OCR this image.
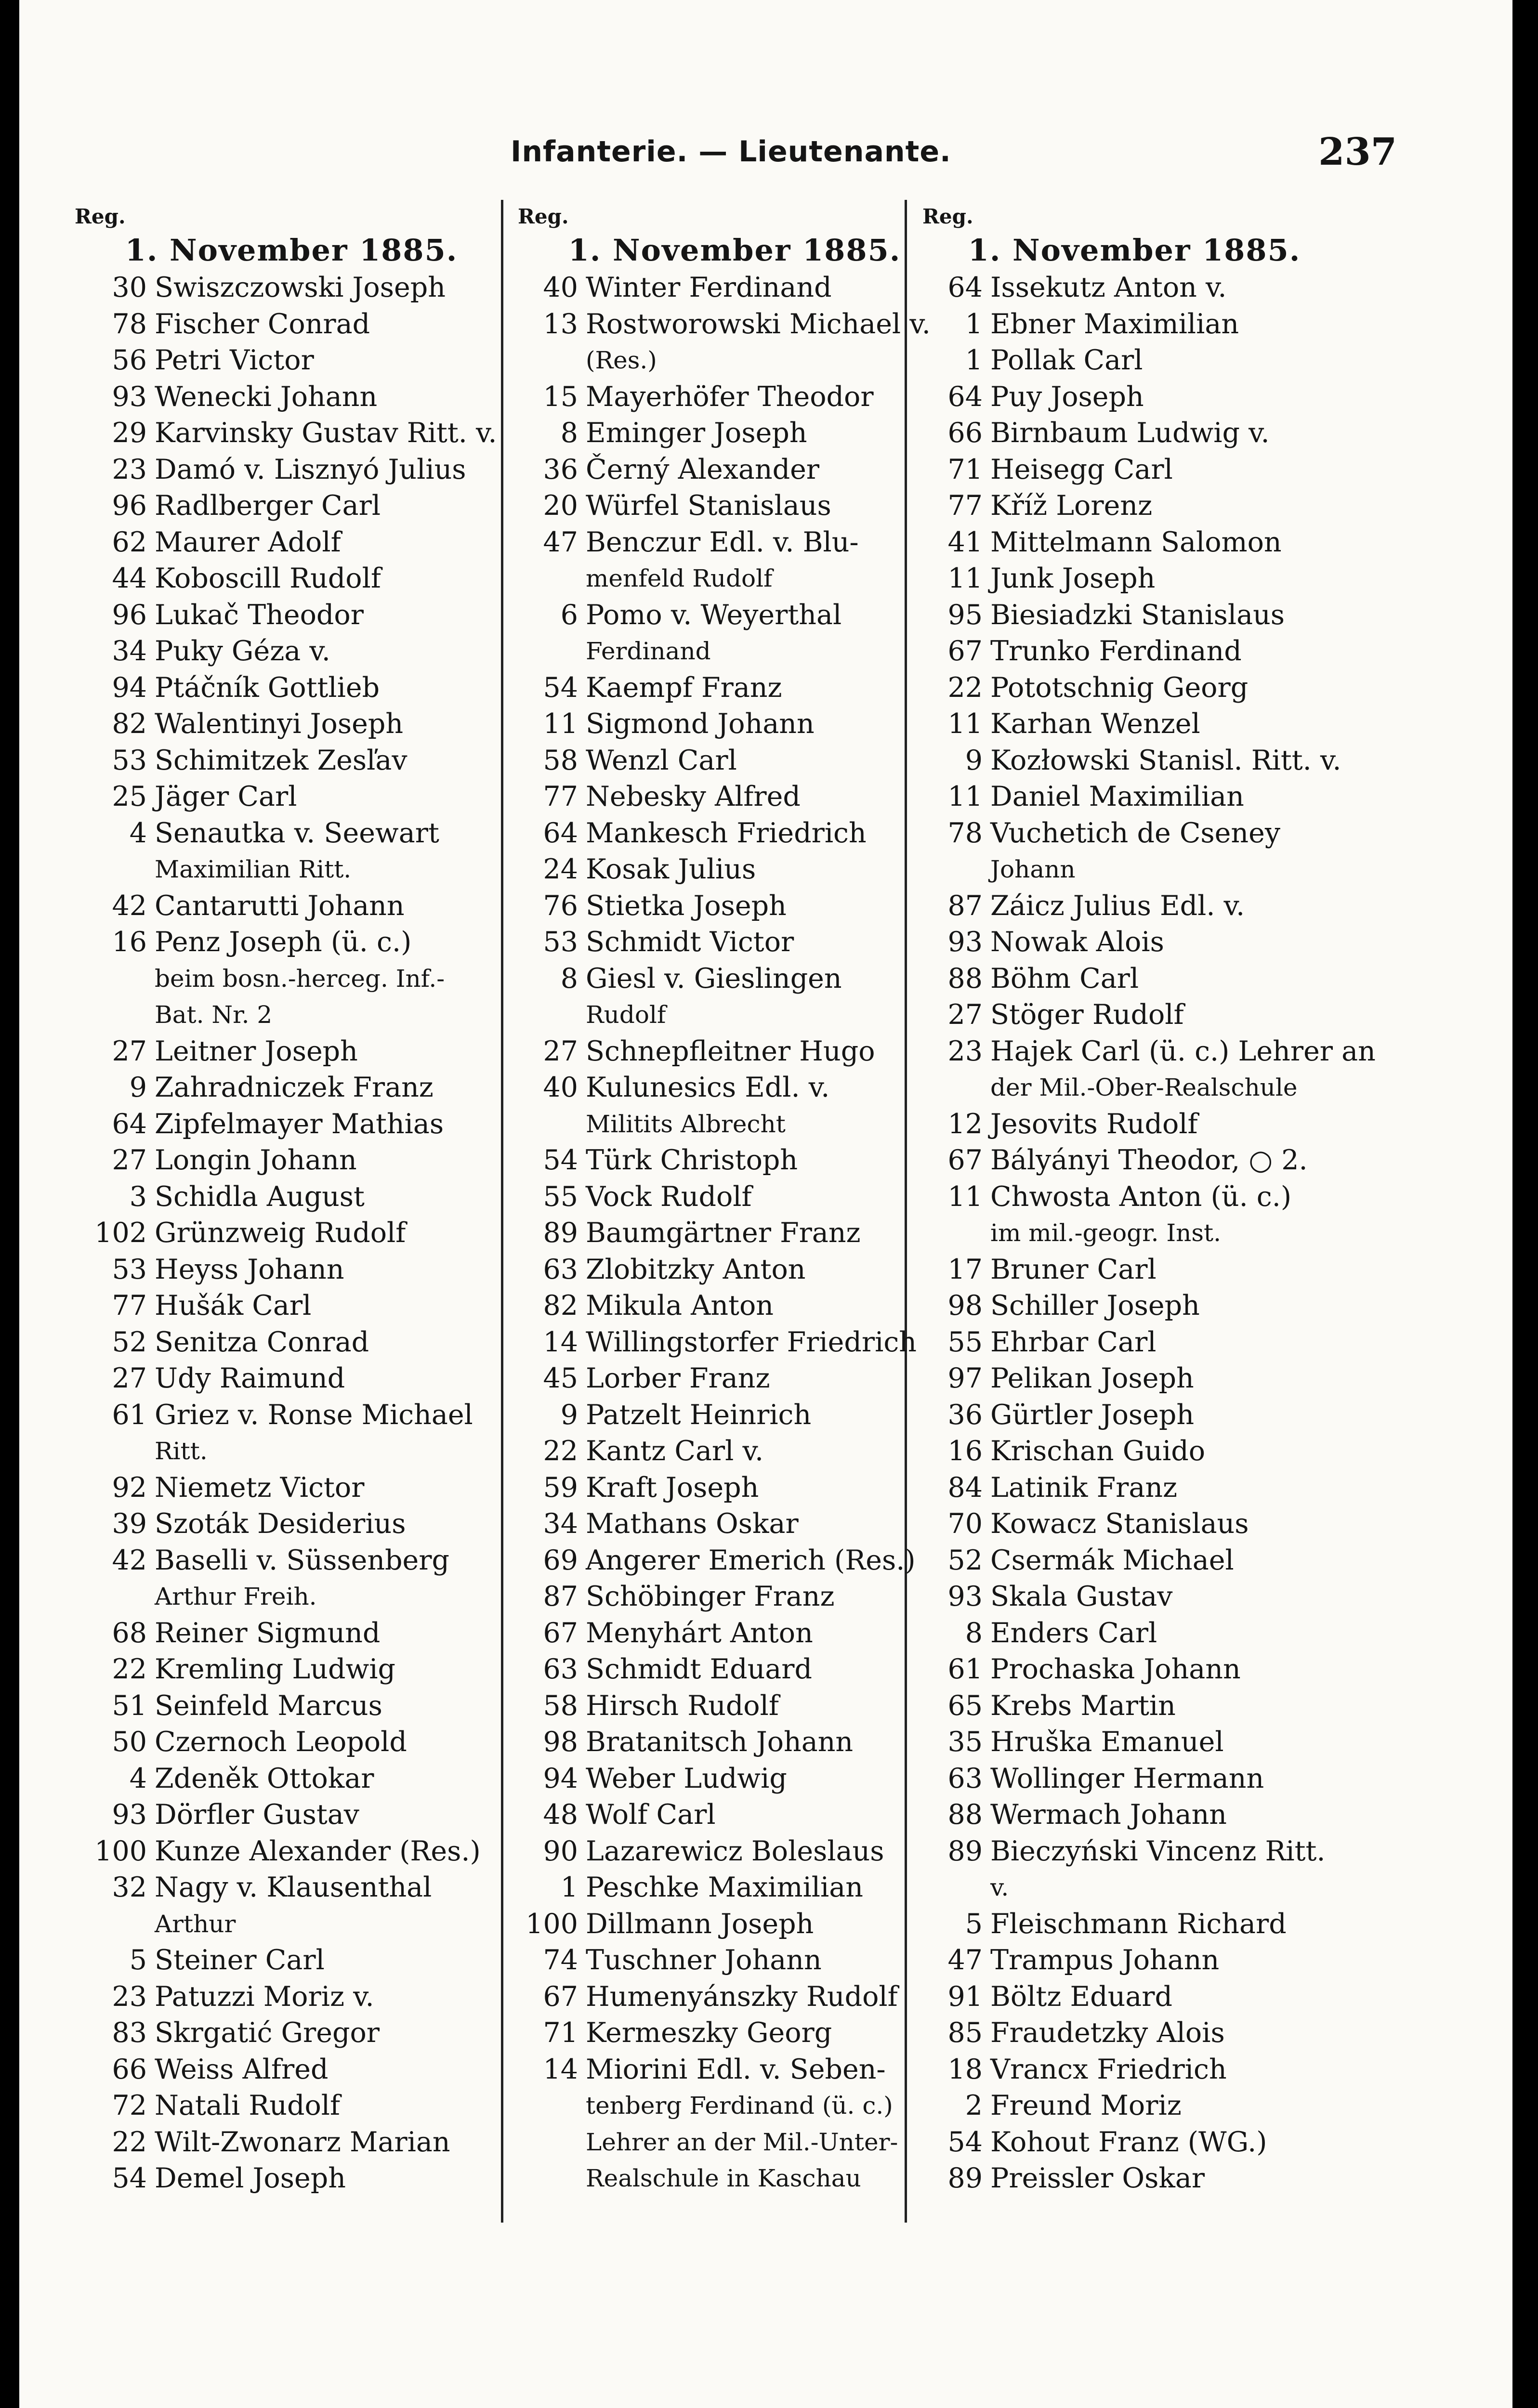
Infanterie. — Lieutenante.	237
Reg.
1. November 1885.
30 Swiszczowski Joseph
78 Fischer Conrad
56 Petri Victor
93 Wenecki Johann
29 Karvinsky Gustav Ritt. v.
23 Damó v. Lisznyó Julius
96 Radlberger Carl
62 Maurer Adolf
44 Koboscill Rudolf
96 Lukač Theodor
34 Puky Géza v.
94 Ptáčník Gottlieb
82 Walentinyi Joseph
53 Schimitzek Zesľav
25 Jäger Carl
4 Senautka v. Seewart
Maximilian Ritt.
42 Cantarutti Johann
16 Penz Joseph (ü. c.)
beim bosn.-herceg. Inf.-
Bat. Nr. 2
27 Leitner Joseph
9 Zahradniczek Franz
64 Zipfelmayer Mathias
27 Longin Johann
3 Schidla August
102 Grünzweig Rudolf
53 Heyss Johann
77 Hušák Carl
52 Senitza Conrad
27 Udy Raimund
61 Griez v. Ronse Michael
Ritt.
92 Niemetz Victor
39 Szoták Desiderius
42 Baselli v. Süssenberg
Arthur Freih.
68 Reiner Sigmund
22 Kremling Ludwig
51 Seinfeld Marcus
50 Czernoch Leopold
4 Zdeněk Ottokar
93 Dörfler Gustav
100 Kunze Alexander (Res.)
32 Nagy v. Klausenthal
Arthur
5 Steiner Carl
23 Patuzzi Moriz v.
83 Skrgatić Gregor
66 Weiss Alfred
72 Natali Rudolf
22 Wilt-Zwonarz Marian
54 Demel Joseph
Reg.
1. November 1885.
40 Winter Ferdinand
13 Rostworowski Michael v.
(Res.)
15 Mayerhöfer Theodor
8 Eminger Joseph
36 Černý Alexander
20 Würfel Stanislaus
47 Benczur Edl. v. Blu-
menfeld Rudolf
6 Pomo v. Weyerthal
Ferdinand
54 Kaempf Franz
11 Sigmond Johann
58 Wenzl Carl
77 Nebesky Alfred
64 Mankesch Friedrich
24 Kosak Julius
76 Stietka Joseph
53 Schmidt Victor
8 Giesl v. Gieslingen
Rudolf
27 Schnepfleitner Hugo
40 Kulunesics Edl. v.
Militits Albrecht
54 Türk Christoph
55 Vock Rudolf
89 Baumgärtner Franz
63 Zlobitzky Anton
82 Mikula Anton
14 Willingstorfer Friedrich
45 Lorber Franz
9 Patzelt Heinrich
22 Kantz Carl v.
59 Kraft Joseph
34 Mathans Oskar
69 Angerer Emerich (Res.)
87 Schöbinger Franz
67 Menyhárt Anton
63 Schmidt Eduard
58 Hirsch Rudolf
98 Bratanitsch Johann
94 Weber Ludwig
48 Wolf Carl
90 Lazarewicz Boleslaus
1 Peschke Maximilian
100 Dillmann Joseph
74 Tuschner Johann
67 Humenyánszky Rudolf
71 Kermeszky Georg
14 Miorini Edl. v. Seben-
tenberg Ferdinand (ü. c.)
Lehrer an der Mil.-Unter-
Realschule in Kaschau
Reg.
1. November 1885.
64 Issekutz Anton v.
1 Ebner Maximilian
1 Pollak Carl
64 Puy Joseph
66 Birnbaum Ludwig v.
71 Heisegg Carl
77 Kříž Lorenz
41 Mittelmann Salomon
11 Junk Joseph
95 Biesiadzki Stanislaus
67 Trunko Ferdinand
22 Pototschnig Georg
11 Karhan Wenzel
9 Kozłowski Stanisl. Ritt. v.
11 Daniel Maximilian
78 Vuchetich de Cseney
Johann
87 Záicz Julius Edl. v.
93 Nowak Alois
88 Böhm Carl
27 Stöger Rudolf
23 Hajek Carl (ü. c.) Lehrer an
der Mil.-Ober-Realschule
12 Jesovits Rudolf
67 Bályányi Theodor, ○ 2.
11 Chwosta Anton (ü. c.)
im mil.-geogr. Inst.
17 Bruner Carl
98 Schiller Joseph
55 Ehrbar Carl
97 Pelikan Joseph
36 Gürtler Joseph
16 Krischan Guido
84 Latinik Franz
70 Kowacz Stanislaus
52 Csermák Michael
93 Skala Gustav
8 Enders Carl
61 Prochaska Johann
65 Krebs Martin
35 Hruška Emanuel
63 Wollinger Hermann
88 Wermach Johann
89 Bieczyński Vincenz Ritt.
v.
5 Fleischmann Richard
47 Trampus Johann
91 Böltz Eduard
85 Fraudetzky Alois
18 Vrancx Friedrich
2 Freund Moriz
54 Kohout Franz (WG.)
89 Preissler Oskar
